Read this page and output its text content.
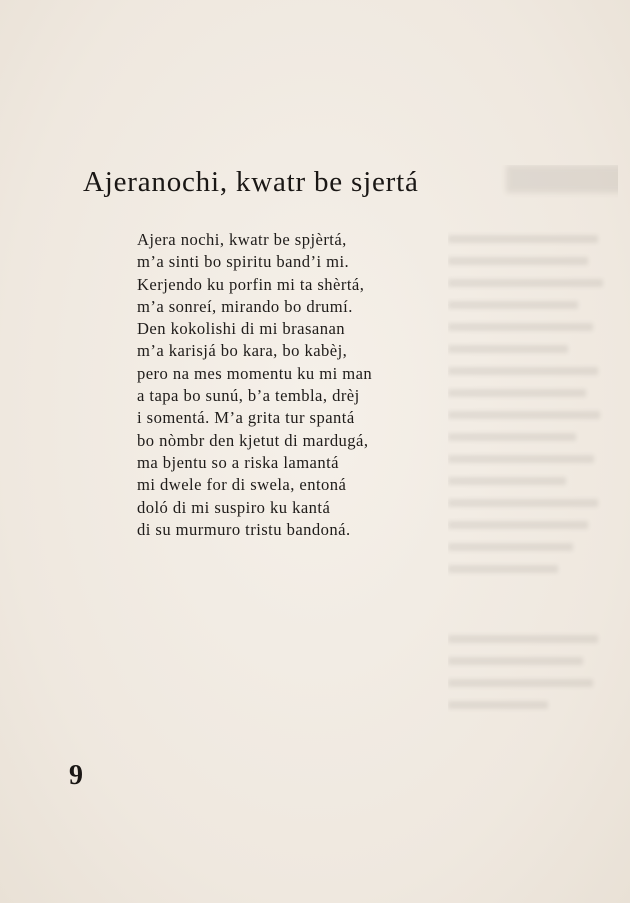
Ajeranochi, kwatr be sjertá
Ajera nochi, kwatr be spjèrtá,
m’a sinti bo spiritu band’i mi.
Kerjendo ku porfin mi ta shèrtá,
m’a sonreí, mirando bo drumí.
Den kokolishi di mi brasanan
m’a karisjá bo kara, bo kabèj,
pero na mes momentu ku mi man
a tapa bo sunú, b’a tembla, drèj
i somentá. M’a grita tur spantá
bo nòmbr den kjetut di mardugá,
ma bjentu so a riska lamantá
mi dwele for di swela, entoná
doló di mi suspiro ku kantá
di su murmuro tristu bandoná.
9
